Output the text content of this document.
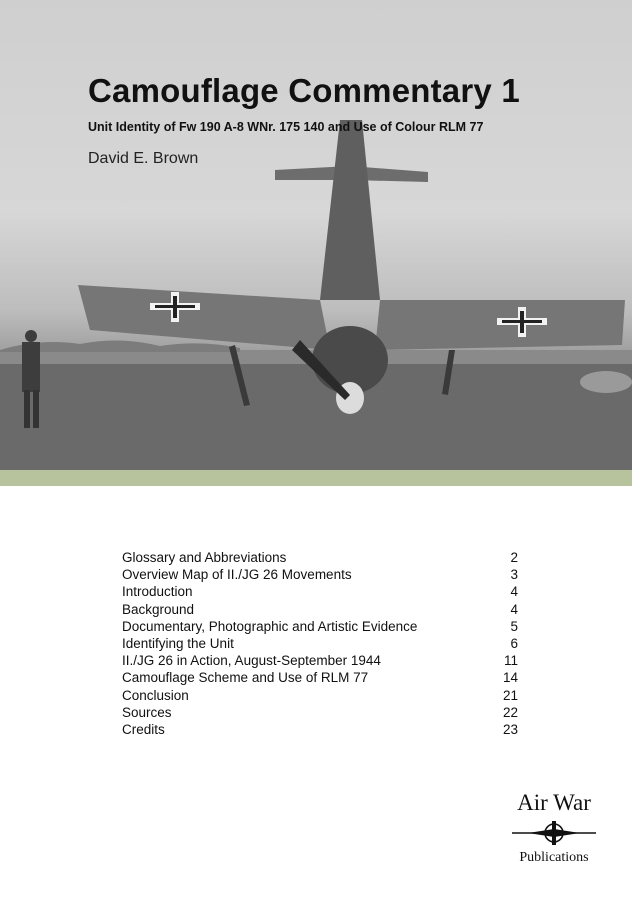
Camouflage Commentary 1

Unit Identity of Fw 190 A-8 WNr. 175 140 and Use of Colour RLM 77

David E. Brown

Glossary and Abbreviations	2
Overview Map of II./JG 26 Movements	3
Introduction	4
Background	4
Documentary, Photographic and Artistic Evidence	5
Identifying the Unit	6
II./JG 26 in Action, August-September 1944	11
Camouflage Scheme and Use of RLM 77	14
Conclusion	21
Sources	22
Credits	23
Air War
Publications
